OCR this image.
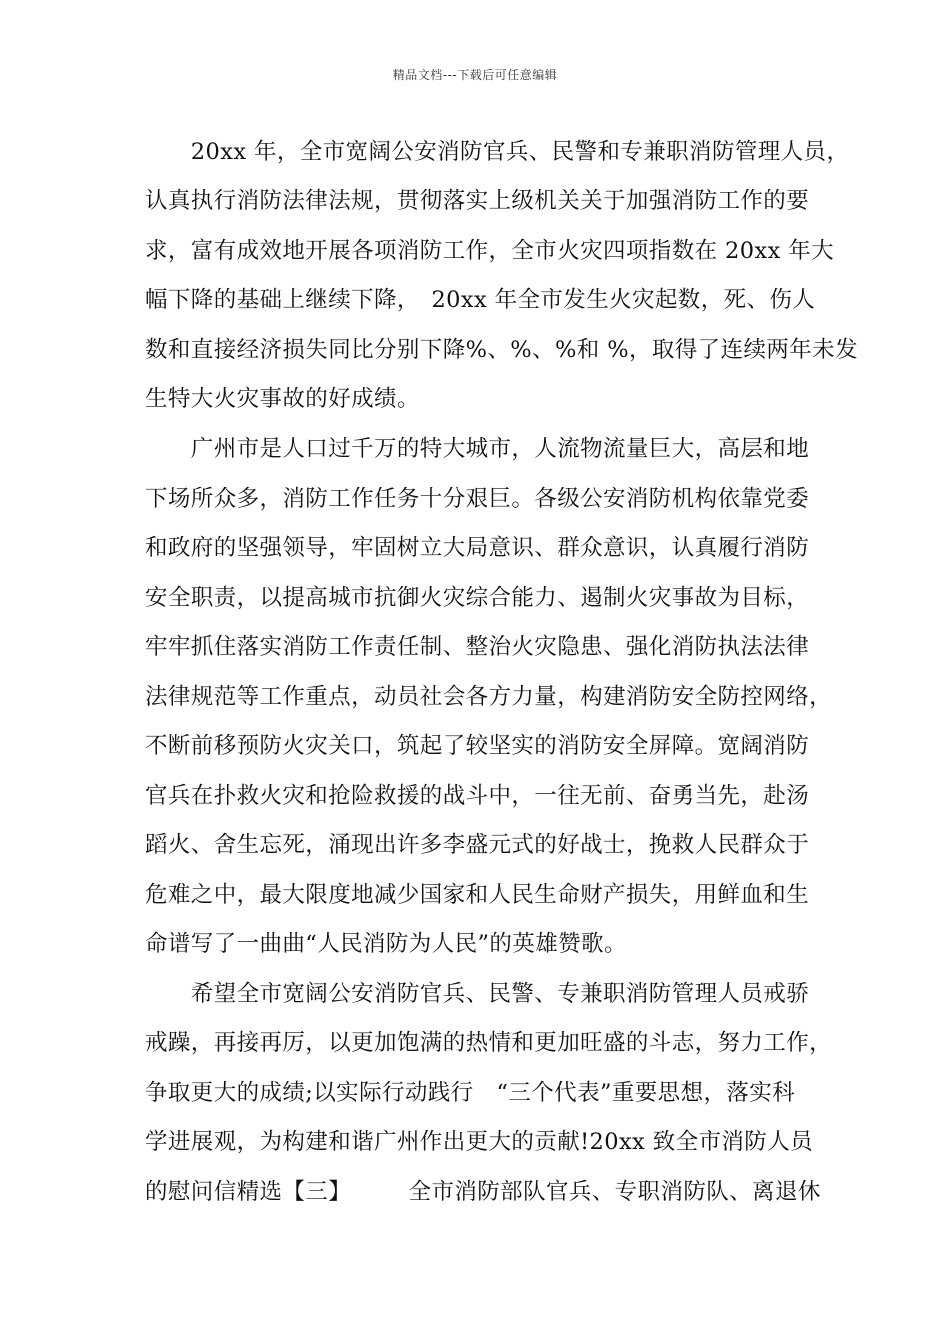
精品文档---下载后可任意编辑
　　20xx 年，全市宽阔公安消防官兵、民警和专兼职消防管理人员，
认真执行消防法律法规，贯彻落实上级机关关于加强消防工作的要
求，富有成效地开展各项消防工作，全市火灾四项指数在 20xx 年大
幅下降的基础上继续下降，　20xx 年全市发生火灾起数，死、伤人
数和直接经济损失同比分别下降%、%、%和 %，取得了连续两年未发
生特大火灾事故的好成绩。
　　广州市是人口过千万的特大城市，人流物流量巨大，高层和地
下场所众多，消防工作任务十分艰巨。各级公安消防机构依靠党委
和政府的坚强领导，牢固树立大局意识、群众意识，认真履行消防
安全职责，以提高城市抗御火灾综合能力、遏制火灾事故为目标，
牢牢抓住落实消防工作责任制、整治火灾隐患、强化消防执法法律
法律规范等工作重点，动员社会各方力量，构建消防安全防控网络，
不断前移预防火灾关口，筑起了较坚实的消防安全屏障。宽阔消防
官兵在扑救火灾和抢险救援的战斗中，一往无前、奋勇当先，赴汤
蹈火、舍生忘死，涌现出许多李盛元式的好战士，挽救人民群众于
危难之中，最大限度地减少国家和人民生命财产损失，用鲜血和生
命谱写了一曲曲“人民消防为人民”的英雄赞歌。
　　希望全市宽阔公安消防官兵、民警、专兼职消防管理人员戒骄
戒躁，再接再厉，以更加饱满的热情和更加旺盛的斗志，努力工作，
争取更大的成绩;以实际行动践行　“三个代表”重要思想，落实科
学进展观，为构建和谐广州作出更大的贡献!20xx 致全市消防人员
的慰问信精选【三】　　　全市消防部队官兵、专职消防队、离退休
